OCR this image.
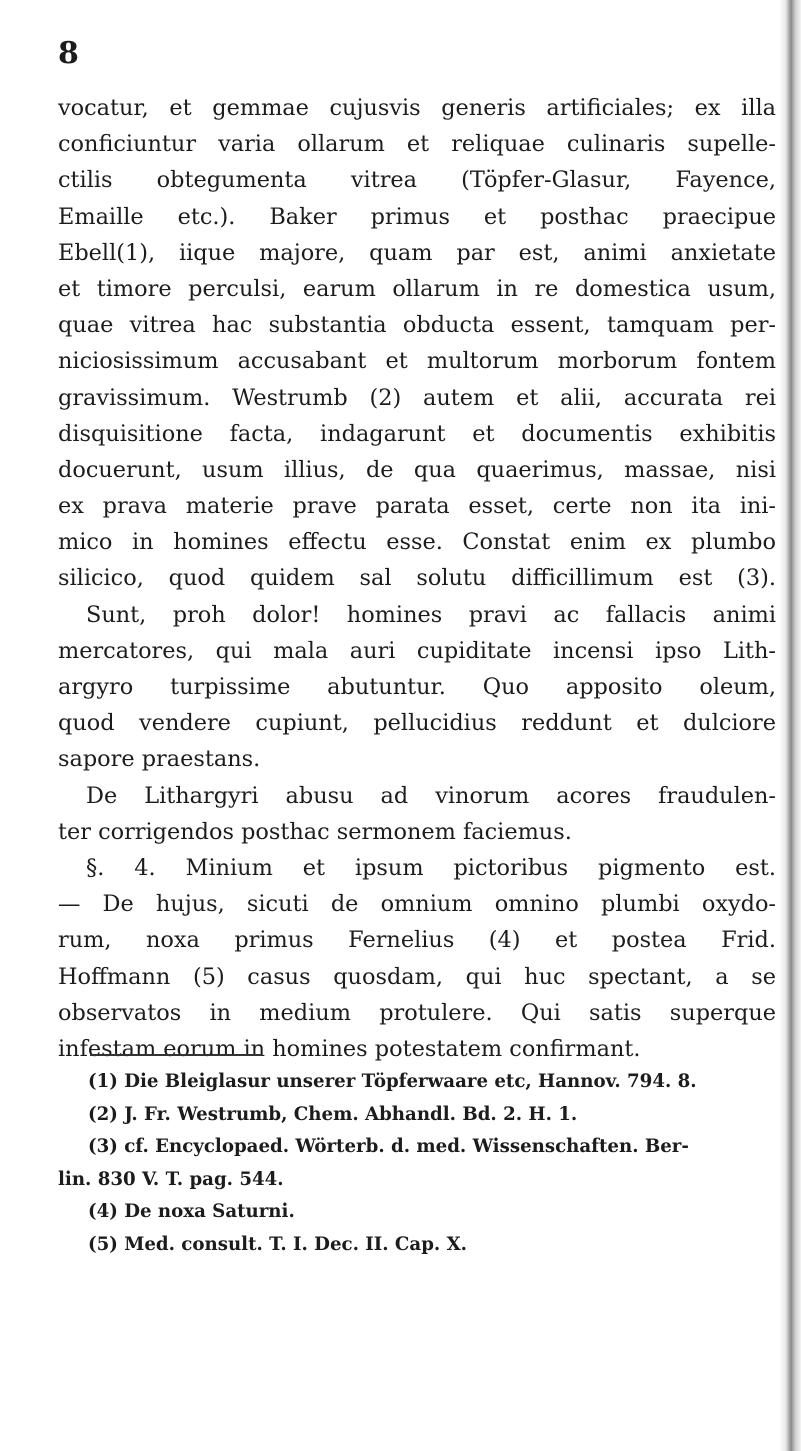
8
vocatur, et gemmae cujusvis generis artificiales; ex illa
conficiuntur varia ollarum et reliquae culinaris supelle-
ctilis obtegumenta vitrea (Töpfer-Glasur, Fayence,
Emaille etc.). Baker primus et posthac praecipue
Ebell(1), iique majore, quam par est, animi anxietate
et timore perculsi, earum ollarum in re domestica usum,
quae vitrea hac substantia obducta essent, tamquam per-
niciosissimum accusabant et multorum morborum fontem
gravissimum. Westrumb (2) autem et alii, accurata rei
disquisitione facta, indagarunt et documentis exhibitis
docuerunt, usum illius, de qua quaerimus, massae, nisi
ex prava materie prave parata esset, certe non ita ini-
mico in homines effectu esse. Constat enim ex plumbo
silicico, quod quidem sal solutu difficillimum est (3).
Sunt, proh dolor! homines pravi ac fallacis animi
mercatores, qui mala auri cupiditate incensi ipso Lith-
argyro turpissime abutuntur. Quo apposito oleum,
quod vendere cupiunt, pellucidius reddunt et dulciore
sapore praestans.
De Lithargyri abusu ad vinorum acores fraudulen-
ter corrigendos posthac sermonem faciemus.
§. 4. Minium et ipsum pictoribus pigmento est.
— De hujus, sicuti de omnium omnino plumbi oxydo-
rum, noxa primus Fernelius (4) et postea Frid.
Hoffmann (5) casus quosdam, qui huc spectant, a se
observatos in medium protulere. Qui satis superque
infestam eorum in homines potestatem confirmant.
(1) Die Bleiglasur unserer Töpferwaare etc, Hannov. 794. 8.
(2) J. Fr. Westrumb, Chem. Abhandl. Bd. 2. H. 1.
(3) cf. Encyclopaed. Wörterb. d. med. Wissenschaften. Ber-
lin. 830 V. T. pag. 544.
(4) De noxa Saturni.
(5) Med. consult. T. I. Dec. II. Cap. X.
